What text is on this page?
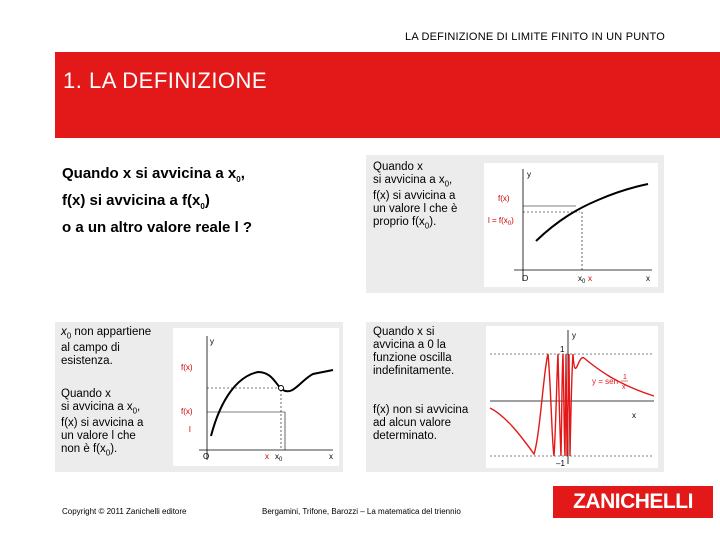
LA DEFINIZIONE DI LIMITE FINITO IN UN PUNTO
1. LA DEFINIZIONE
Quando x si avvicina a $x_0$,
f(x) si avvicina a $f(x_0)$
o a un altro valore reale l ?
Quando x
si avvicina a $x_0$,
f(x) si avvicina a
un valore l che è
proprio $f(x_0)$.
y
x
O
f(x)
$l = f(x_0)$
$x_0$ x
$x_0$ non appartiene
al campo di
esistenza.
Quando x
si avvicina a $x_0$,
f(x) si avvicina a
un valore l che
non è $f(x_0)$.
y
x
O
f(x)
l
f(x)
x $x_0$
Quando x si
avvicina a 0 la
funzione oscilla
indefinitamente.
f(x) non si avvicina
ad alcun valore
determinato.
y
x
1
–1
y = sen 1
x
Copyright © 2011 Zanichelli editore	Bergamini, Trifone, Barozzi – La matematica del triennio	ZANICHELLI
